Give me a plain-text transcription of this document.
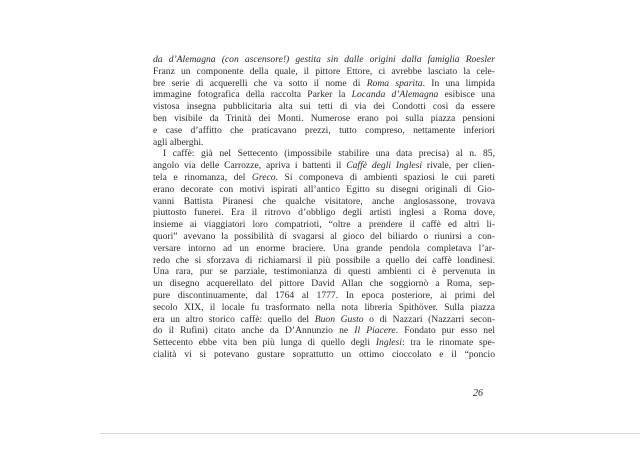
da d’Alemagna (con ascensore!) gestita sin dalle origini dalla famiglia Roesler
Franz un componente della quale, il pittore Ettore, ci avrebbe lasciato la cele-
bre serie di acquerelli che va sotto il nome di Roma sparita. In una limpida
immagine fotografica della raccolta Parker la Locanda d’Alemagna esibisce una
vistosa insegna pubblicitaria alta sui tetti di via dei Condotti così da essere
ben visibile da Trinità dei Monti. Numerose erano poi sulla piazza pensioni
e case d’affitto che praticavano prezzi, tutto compreso, nettamente inferiori
agli alberghi.
I caffè: già nel Settecento (impossibile stabilire una data precisa) al n. 85,
angolo via delle Carrozze, apriva i battenti il Caffè degli Inglesi rivale, per clien-
tela e rinomanza, del Greco. Si componeva di ambienti spaziosi le cui pareti
erano decorate con motivi ispirati all’antico Egitto su disegni originali di Gio-
vanni Battista Piranesi che qualche visitatore, anche anglosassone, trovava
piuttosto funerei. Era il ritrovo d’obbligo degli artisti inglesi a Roma dove,
insieme ai viaggiatori loro compatrioti, “oltre a prendere il caffè ed altri li-
quori” avevano la possibilità di svagarsi al gioco del biliardo o riunirsi a con-
versare intorno ad un enorme braciere. Una grande pendola completava l’ar-
redo che si sforzava di richiamarsi il più possibile a quello dei caffè londinesi.
Una rara, pur se parziale, testimonianza di questi ambienti ci è pervenuta in
un disegno acquerellato del pittore David Allan che soggiornò a Roma, sep-
pure discontinuamente, dal 1764 al 1777. In epoca posteriore, ai primi del
secolo XIX, il locale fu trasformato nella nota libreria Spithöver. Sulla piazza
era un altro storico caffè: quello del Buon Gusto o di Nazzari (Nazzarri secon-
do il Rufini) citato anche da D’Annunzio ne Il Piacere. Fondato pur esso nel
Settecento ebbe vita ben più lunga di quello degli Inglesi: tra le rinomate spe-
cialità vi si potevano gustare soprattutto un ottimo cioccolato e il “poncio
26
